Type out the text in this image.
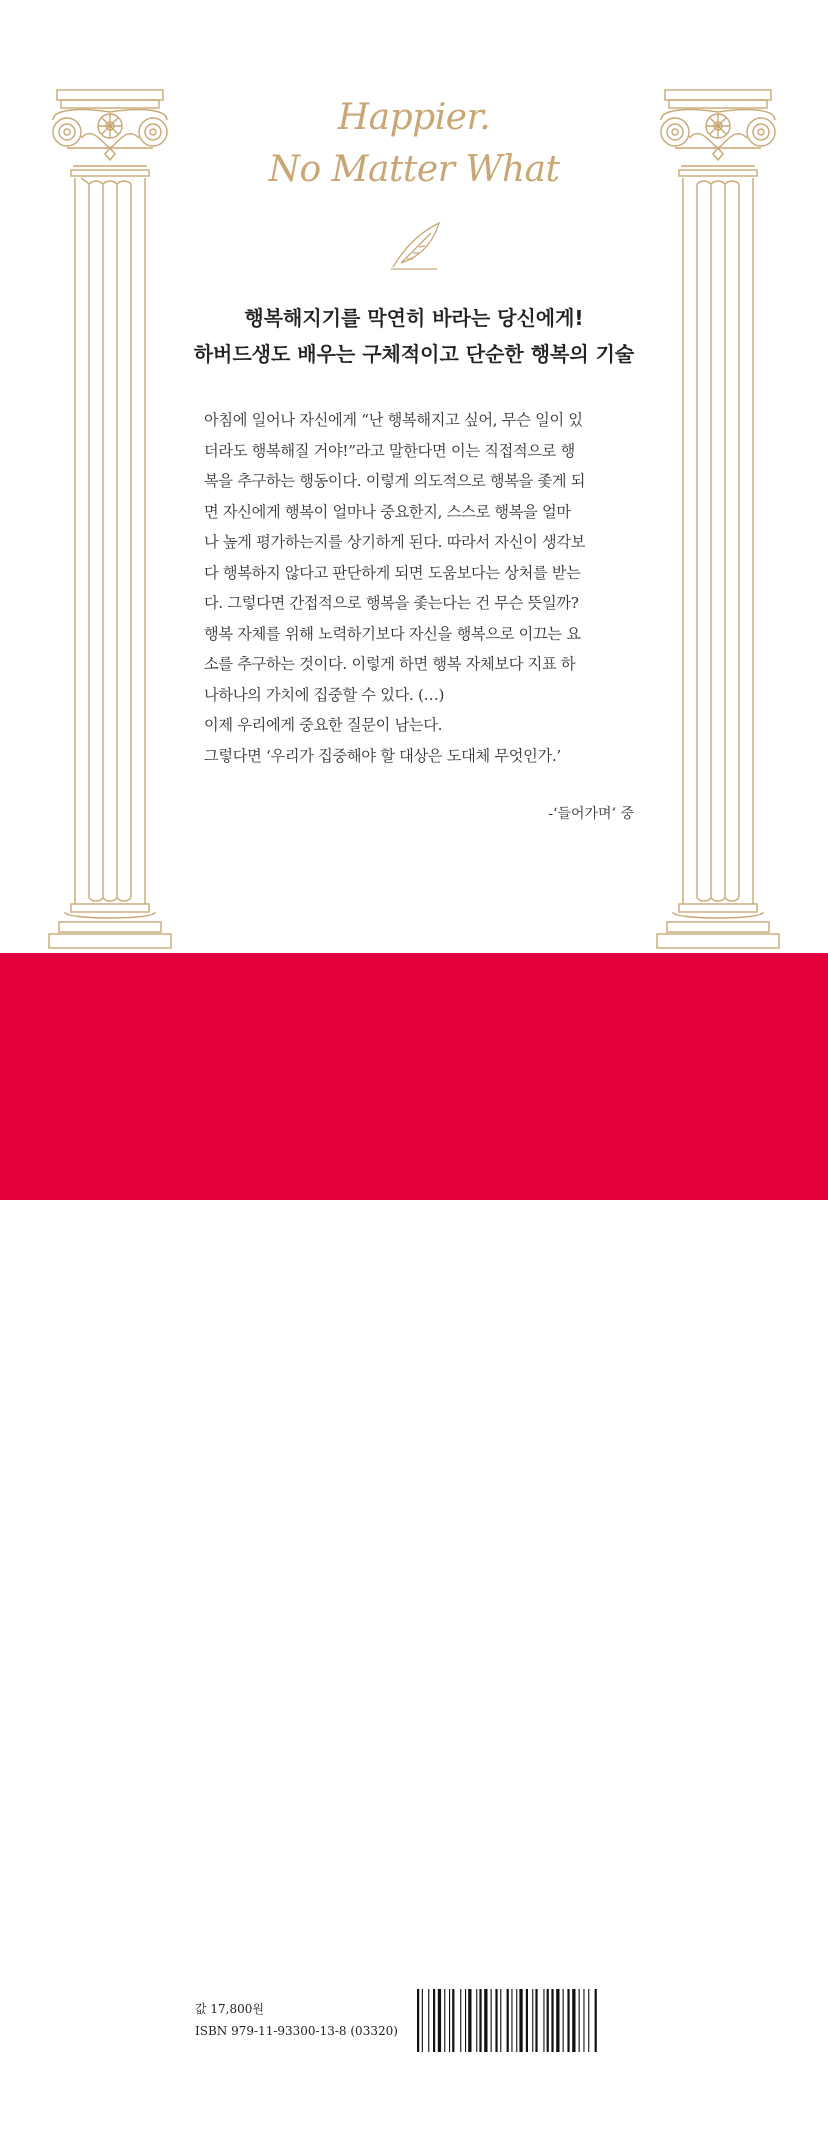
Happier.
No Matter What
행복해지기를 막연히 바라는 당신에게!
하버드생도 배우는 구체적이고 단순한 행복의 기술
아침에 일어나 자신에게 “난 행복해지고 싶어, 무슨 일이 있
더라도 행복해질 거야!”라고 말한다면 이는 직접적으로 행
복을 추구하는 행동이다. 이렇게 의도적으로 행복을 좇게 되
면 자신에게 행복이 얼마나 중요한지, 스스로 행복을 얼마
나 높게 평가하는지를 상기하게 된다. 따라서 자신이 생각보
다 행복하지 않다고 판단하게 되면 도움보다는 상처를 받는
다. 그렇다면 간접적으로 행복을 좇는다는 건 무슨 뜻일까?
행복 자체를 위해 노력하기보다 자신을 행복으로 이끄는 요
소를 추구하는 것이다. 이렇게 하면 행복 자체보다 지표 하
나하나의 가치에 집중할 수 있다. (…)
이제 우리에게 중요한 질문이 남는다.
그렇다면 ‘우리가 집중해야 할 대상은 도대체 무엇인가.’
-‘들어가며’ 중
값 17,800원
ISBN 979-11-93300-13-8 (03320)
yes24
